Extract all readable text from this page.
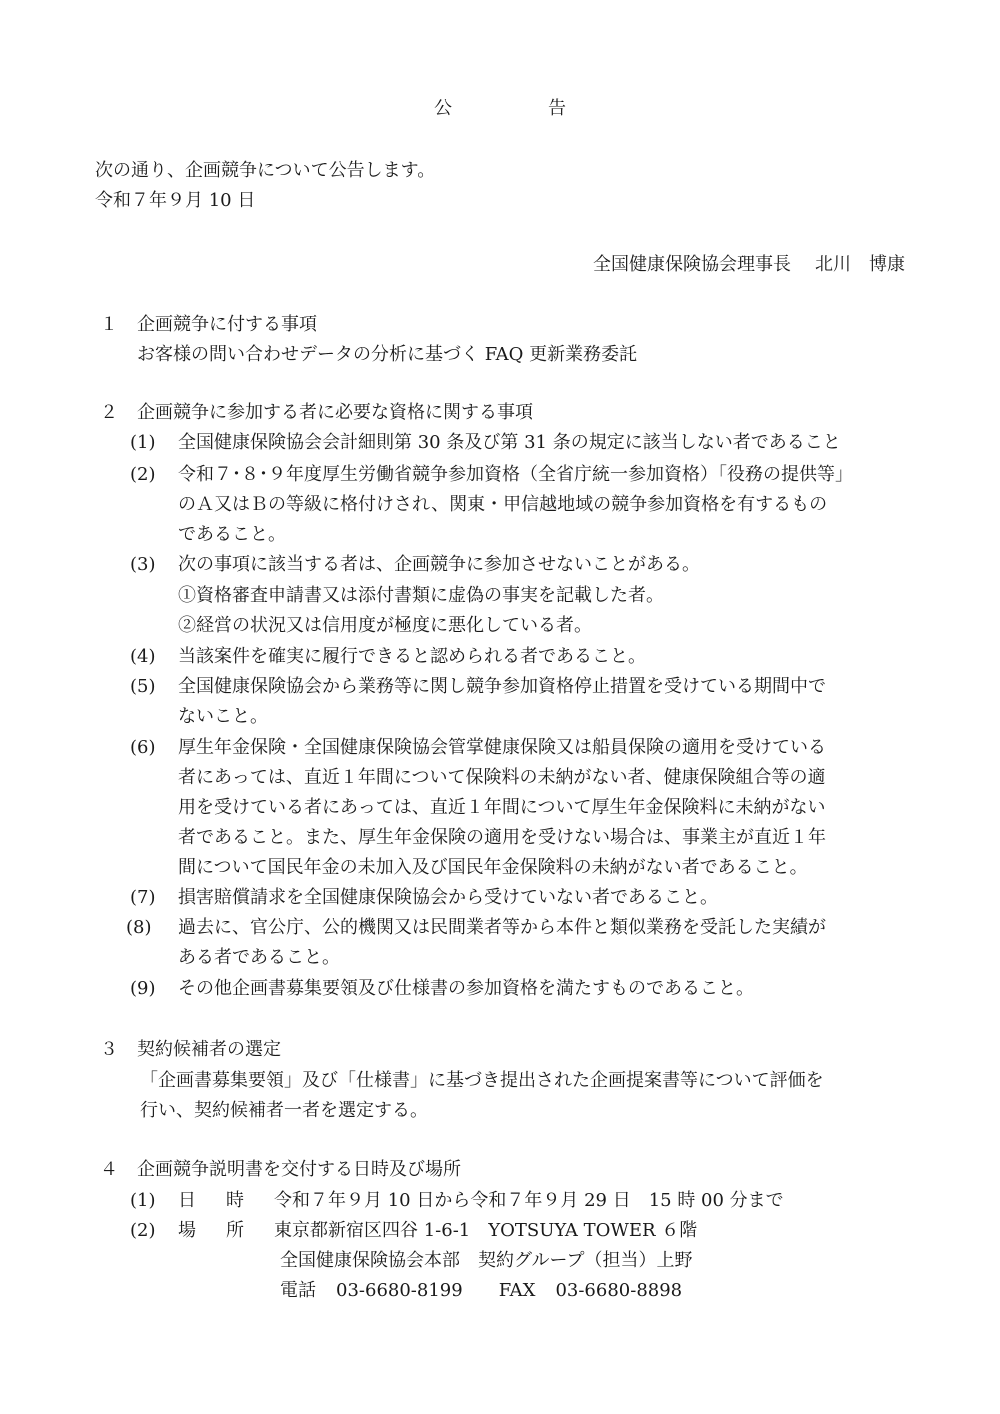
公	告
次の通り、企画競争について公告します。
令和７年９月 10 日
全国健康保険協会理事長 北川 博康
１ 企画競争に付する事項
お客様の問い合わせデータの分析に基づく FAQ 更新業務委託
２ 企画競争に参加する者に必要な資格に関する事項
(1) 全国健康保険協会会計細則第 30 条及び第 31 条の規定に該当しない者であること
(2) 令和７･８･９年度厚生労働省競争参加資格（全省庁統一参加資格）「役務の提供等」
のＡ又はＢの等級に格付けされ、関東・甲信越地域の競争参加資格を有するもの
であること。
(3) 次の事項に該当する者は、企画競争に参加させないことがある。
①資格審査申請書又は添付書類に虚偽の事実を記載した者。
②経営の状況又は信用度が極度に悪化している者。
(4) 当該案件を確実に履行できると認められる者であること。
(5) 全国健康保険協会から業務等に関し競争参加資格停止措置を受けている期間中で
ないこと。
(6) 厚生年金保険・全国健康保険協会管掌健康保険又は船員保険の適用を受けている
者にあっては、直近１年間について保険料の未納がない者、健康保険組合等の適
用を受けている者にあっては、直近１年間について厚生年金保険料に未納がない
者であること。また、厚生年金保険の適用を受けない場合は、事業主が直近１年
間について国民年金の未加入及び国民年金保険料の未納がない者であること。
(7) 損害賠償請求を全国健康保険協会から受けていない者であること。
(8) 過去に、官公庁、公的機関又は民間業者等から本件と類似業務を受託した実績が
ある者であること。
(9) その他企画書募集要領及び仕様書の参加資格を満たすものであること。
３ 契約候補者の選定
「企画書募集要領」及び「仕様書」に基づき提出された企画提案書等について評価を
行い、契約候補者一者を選定する。
４ 企画競争説明書を交付する日時及び場所
(1) 日 時 令和７年９月 10 日から令和７年９月 29 日　15 時 00 分まで
(2) 場 所 東京都新宿区四谷 1-6-1　YOTSUYA TOWER ６階
全国健康保険協会本部　契約グループ（担当）上野
電話 03-6680-8199 FAX 03-6680-8898
